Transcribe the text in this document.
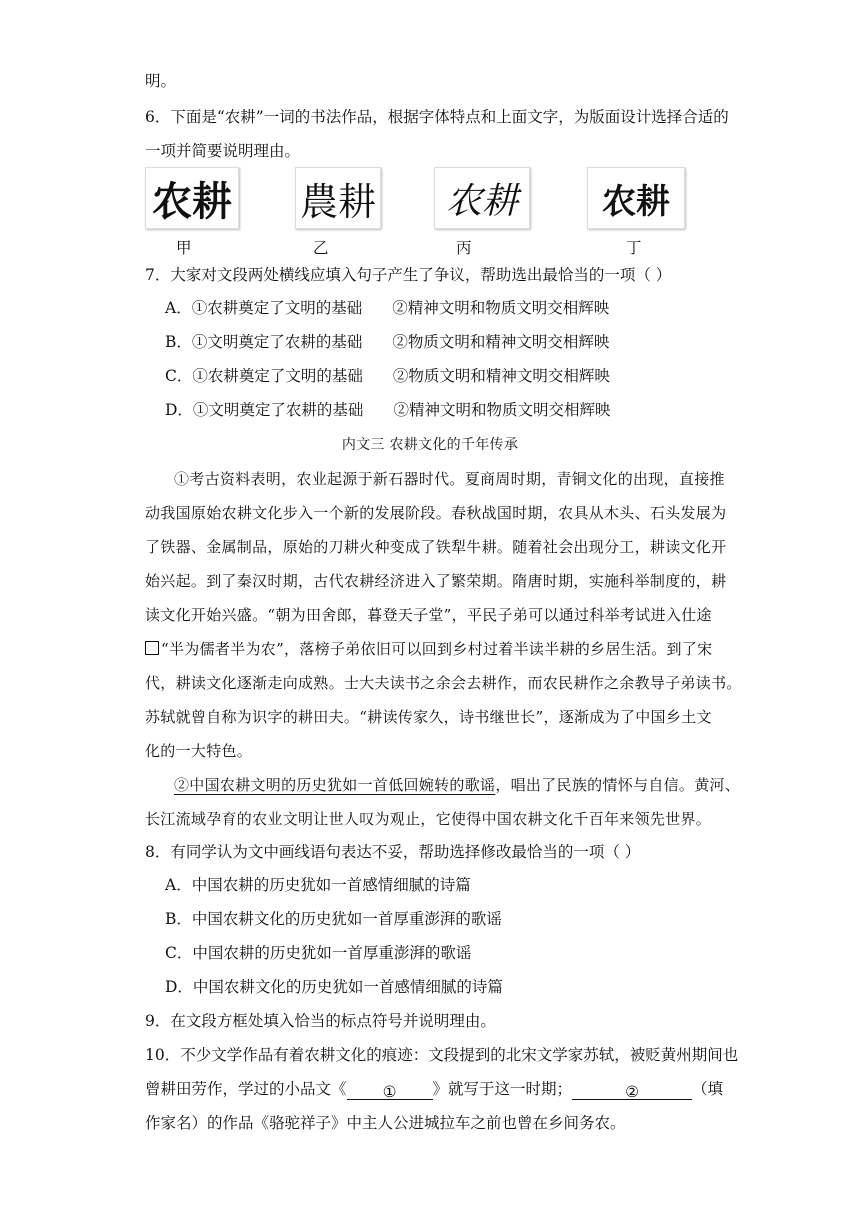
明。
6．下面是“农耕”一词的书法作品，根据字体特点和上面文字，为版面设计选择合适的
一项并简要说明理由。
农耕 農耕 农耕 农耕
甲	乙	丙	丁
7．大家对文段两处横线应填入句子产生了争议，帮助选出最恰当的一项（ ）
A．①农耕奠定了文明的基础 ②精神文明和物质文明交相辉映
B．①文明奠定了农耕的基础 ②物质文明和精神文明交相辉映
C．①农耕奠定了文明的基础 ②物质文明和精神文明交相辉映
D．①文明奠定了农耕的基础 ②精神文明和物质文明交相辉映
内文三 农耕文化的千年传承
①考古资料表明，农业起源于新石器时代。夏商周时期，青铜文化的出现，直接推
动我国原始农耕文化步入一个新的发展阶段。春秋战国时期，农具从木头、石头发展为
了铁器、金属制品，原始的刀耕火种变成了铁犁牛耕。随着社会出现分工，耕读文化开
始兴起。到了秦汉时期，古代农耕经济进入了繁荣期。隋唐时期，实施科举制度的，耕
读文化开始兴盛。“朝为田舍郎，暮登天子堂”，平民子弟可以通过科举考试进入仕途
“半为儒者半为农”，落榜子弟依旧可以回到乡村过着半读半耕的乡居生活。到了宋
代，耕读文化逐渐走向成熟。士大夫读书之余会去耕作，而农民耕作之余教导子弟读书。
苏轼就曾自称为识字的耕田夫。“耕读传家久，诗书继世长”，逐渐成为了中国乡土文
化的一大特色。
②中国农耕文明的历史犹如一首低回婉转的歌谣，唱出了民族的情怀与自信。黄河、
长江流域孕育的农业文明让世人叹为观止，它使得中国农耕文化千百年来领先世界。
8．有同学认为文中画线语句表达不妥，帮助选择修改最恰当的一项（ ）
A．中国农耕的历史犹如一首感情细腻的诗篇
B．中国农耕文化的历史犹如一首厚重澎湃的歌谣
C．中国农耕的历史犹如一首厚重澎湃的歌谣
D．中国农耕文化的历史犹如一首感情细腻的诗篇
9．在文段方框处填入恰当的标点符号并说明理由。
10．不少文学作品有着农耕文化的痕迹：文段提到的北宋文学家苏轼，被贬黄州期间也
曾耕田劳作，学过的小品文《 ① 》就写于这一时期；	②	（填
作家名）的作品《骆驼祥子》中主人公进城拉车之前也曾在乡间务农。
